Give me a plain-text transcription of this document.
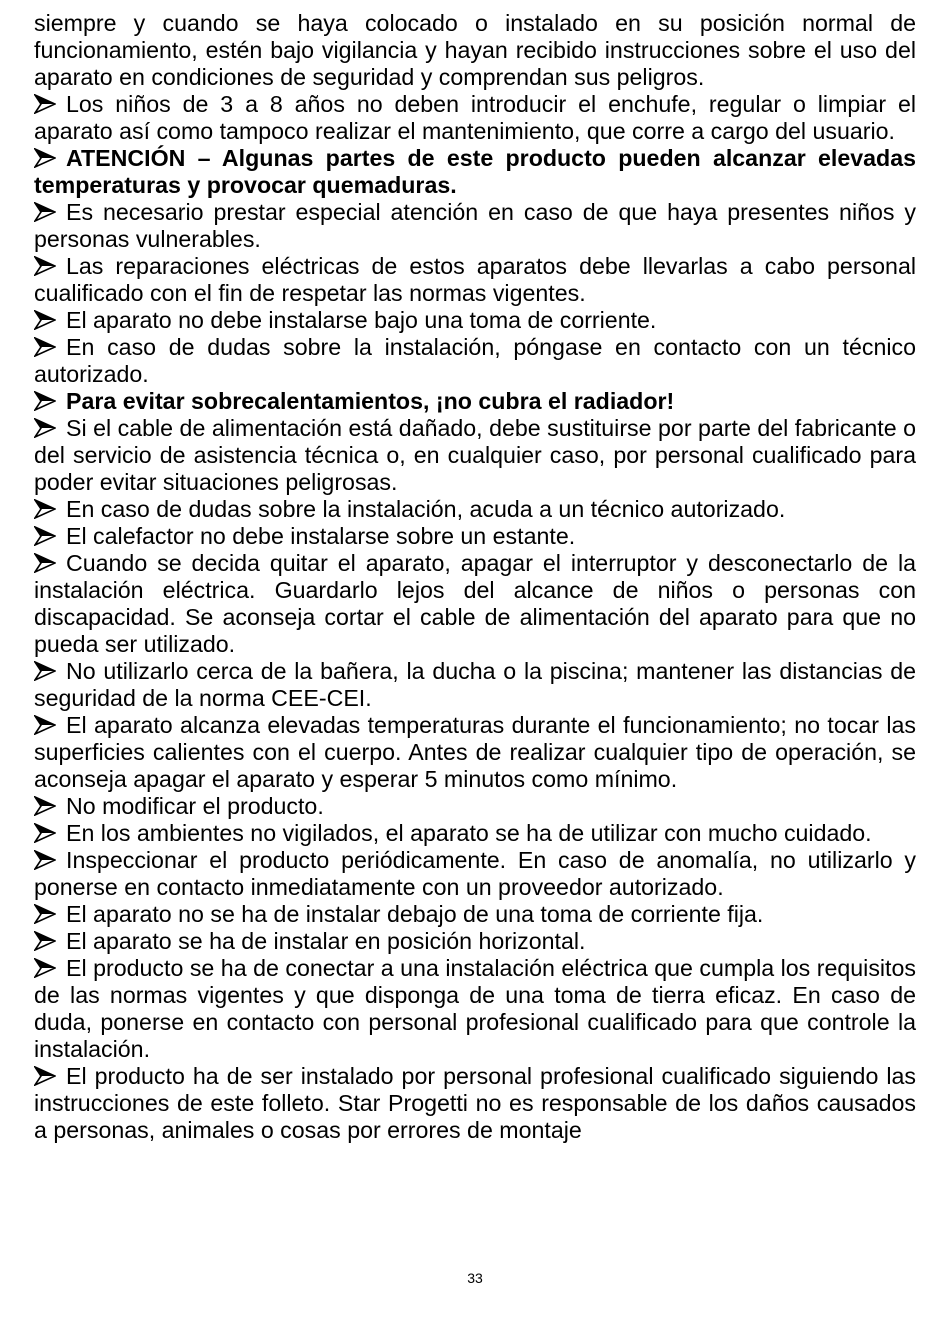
siempre y cuando se haya colocado o instalado en su posición normal de funcionamiento, estén bajo vigilancia y hayan recibido instrucciones sobre el uso del aparato en condiciones de seguridad y comprendan sus peligros.

Los niños de 3 a 8 años no deben introducir el enchufe, regular o limpiar el aparato así como tampoco realizar el mantenimiento, que corre a cargo del usuario.

ATENCIÓN – Algunas partes de este producto pueden alcanzar elevadas temperaturas y provocar quemaduras.

Es necesario prestar especial atención en caso de que haya presentes niños y personas vulnerables.

Las reparaciones eléctricas de estos aparatos debe llevarlas a cabo personal cualificado con el fin de respetar las normas vigentes.

El aparato no debe instalarse bajo una toma de corriente.

En caso de dudas sobre la instalación, póngase en contacto con un técnico autorizado.

Para evitar sobrecalentamientos, ¡no cubra el radiador!

Si el cable de alimentación está dañado, debe sustituirse por parte del fabricante o del servicio de asistencia técnica o, en cualquier caso, por personal cualificado para poder evitar situaciones peligrosas.

En caso de dudas sobre la instalación, acuda a un técnico autorizado.

El calefactor no debe instalarse sobre un estante.

Cuando se decida quitar el aparato, apagar el interruptor y desconectarlo de la instalación eléctrica. Guardarlo lejos del alcance de niños o personas con discapacidad. Se aconseja cortar el cable de alimentación del aparato para que no pueda ser utilizado.

No utilizarlo cerca de la bañera, la ducha o la piscina; mantener las distancias de seguridad de la norma CEE-CEI.

El aparato alcanza elevadas temperaturas durante el funcionamiento; no tocar las superficies calientes con el cuerpo. Antes de realizar cualquier tipo de operación, se aconseja apagar el aparato y esperar 5 minutos como mínimo.

No modificar el producto.

En los ambientes no vigilados, el aparato se ha de utilizar con mucho cuidado.

Inspeccionar el producto periódicamente. En caso de anomalía, no utilizarlo y ponerse en contacto inmediatamente con un proveedor autorizado.

El aparato no se ha de instalar debajo de una toma de corriente fija.

El aparato se ha de instalar en posición horizontal.

El producto se ha de conectar a una instalación eléctrica que cumpla los requisitos de las normas vigentes y que disponga de una toma de tierra eficaz. En caso de duda, ponerse en contacto con personal profesional cualificado para que controle la instalación.

El producto ha de ser instalado por personal profesional cualificado siguiendo las instrucciones de este folleto. Star Progetti no es responsable de los daños causados a personas, animales o cosas por errores de montaje

33
